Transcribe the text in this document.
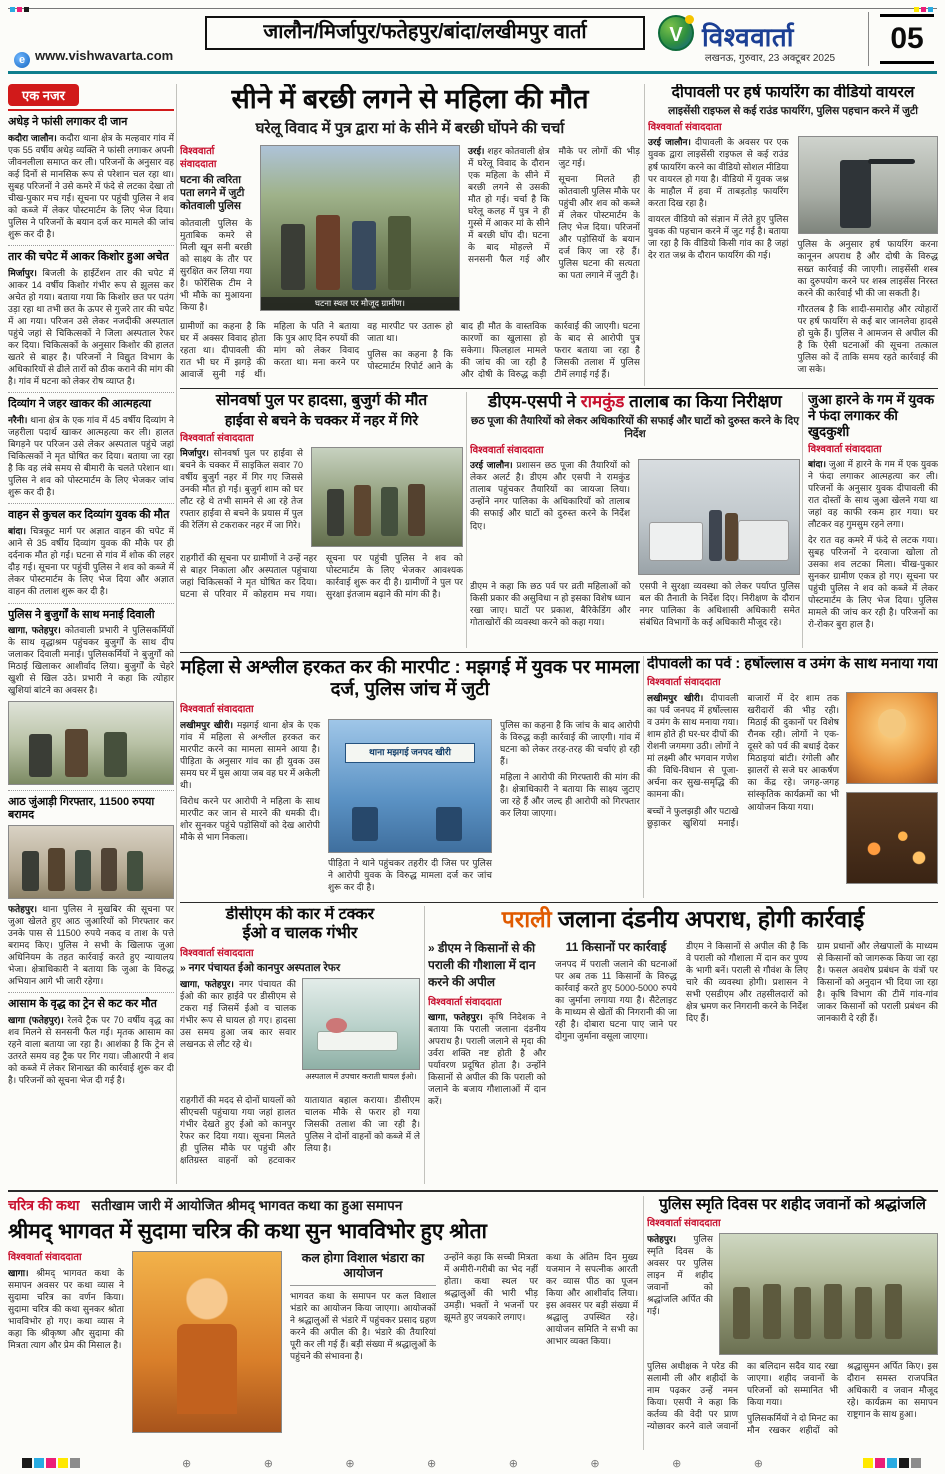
जालौन/मिर्जापुर/फतेहपुर/बांदा/लखीमपुर वार्ता	V विश्ववार्ता
लखनऊ, गुरुवार, 23 अक्टूबर 2025
05
e www.vishwavarta.com
एक नजर
अधेड़ ने फांसी लगाकर दी जान

कदौरा जालौन। कदौरा थाना क्षेत्र के मल्हवार गांव में एक 55 वर्षीय अधेड़ व्यक्ति ने फांसी लगाकर अपनी जीवनलीला समाप्त कर ली। परिजनों के अनुसार वह कई दिनों से मानसिक रूप से परेशान चल रहा था। सुबह परिजनों ने उसे कमरे में फंदे से लटका देखा तो चीख-पुकार मच गई। सूचना पर पहुंची पुलिस ने शव को कब्जे में लेकर पोस्टमार्टम के लिए भेज दिया। पुलिस ने परिजनों के बयान दर्ज कर मामले की जांच शुरू कर दी है।

तार की चपेट में आकर किशोर हुआ अचेत

मिर्जापुर। बिजली के हाईटेंशन तार की चपेट में आकर 14 वर्षीय किशोर गंभीर रूप से झुलस कर अचेत हो गया। बताया गया कि किशोर छत पर पतंग उड़ा रहा था तभी छत के ऊपर से गुजरे तार की चपेट में आ गया। परिजन उसे लेकर नजदीकी अस्पताल पहुंचे जहां से चिकित्सकों ने जिला अस्पताल रेफर कर दिया। चिकित्सकों के अनुसार किशोर की हालत खतरे से बाहर है। परिजनों ने विद्युत विभाग के अधिकारियों से ढीले तारों को ठीक कराने की मांग की है। गांव में घटना को लेकर रोष व्याप्त है।

दिव्यांग ने जहर खाकर की आत्महत्या

नरैनी। थाना क्षेत्र के एक गांव में 45 वर्षीय दिव्यांग ने जहरीला पदार्थ खाकर आत्महत्या कर ली। हालत बिगड़ने पर परिजन उसे लेकर अस्पताल पहुंचे जहां चिकित्सकों ने मृत घोषित कर दिया। बताया जा रहा है कि वह लंबे समय से बीमारी के चलते परेशान था। पुलिस ने शव को पोस्टमार्टम के लिए भेजकर जांच शुरू कर दी है।

वाहन से कुचल कर दिव्यांग युवक की मौत

बांदा। चित्रकूट मार्ग पर अज्ञात वाहन की चपेट में आने से 35 वर्षीय दिव्यांग युवक की मौके पर ही दर्दनाक मौत हो गई। घटना से गांव में शोक की लहर दौड़ गई। सूचना पर पहुंची पुलिस ने शव को कब्जे में लेकर पोस्टमार्टम के लिए भेज दिया और अज्ञात वाहन की तलाश शुरू कर दी है।

पुलिस ने बुजुर्गों के साथ मनाई दिवाली

खागा, फतेहपुर। कोतवाली प्रभारी ने पुलिसकर्मियों के साथ वृद्धाश्रम पहुंचकर बुजुर्गों के साथ दीप जलाकर दिवाली मनाई। पुलिसकर्मियों ने बुजुर्गों को मिठाई खिलाकर आशीर्वाद लिया। बुजुर्गों के चेहरे खुशी से खिल उठे। प्रभारी ने कहा कि त्योहार खुशियां बांटने का अवसर है।

आठ जुंआड़ी गिरफ्तार, 11500 रुपया बरामद

फतेहपुर। थाना पुलिस ने मुखबिर की सूचना पर जुआ खेलते हुए आठ जुआरियों को गिरफ्तार कर उनके पास से 11500 रुपये नकद व ताश के पत्ते बरामद किए। पुलिस ने सभी के खिलाफ जुआ अधिनियम के तहत कार्रवाई करते हुए न्यायालय भेजा। क्षेत्राधिकारी ने बताया कि जुआ के विरुद्ध अभियान आगे भी जारी रहेगा।

आसाम के वृद्ध का ट्रेन से कट कर मौत

खागा (फतेहपुर)। रेलवे ट्रैक पर 70 वर्षीय वृद्ध का शव मिलने से सनसनी फैल गई। मृतक आसाम का रहने वाला बताया जा रहा है। आशंका है कि ट्रेन से उतरते समय वह ट्रैक पर गिर गया। जीआरपी ने शव को कब्जे में लेकर शिनाख्त की कार्रवाई शुरू कर दी है। परिजनों को सूचना भेज दी गई है।

सीने में बरछी लगने से महिला की मौत
घरेलू विवाद में पुत्र द्वारा मां के सीने में बरछी घोंपने की चर्चा
विश्ववार्ता संवाददाता
घटना की त्वरिता पता लगने में जुटी कोतवाली पुलिस

कोतवाली पुलिस के मुताबिक कमरे से मिली खून सनी बरछी को साक्ष्य के तौर पर सुरक्षित कर लिया गया है। फोरेंसिक टीम ने भी मौके का मुआयना किया है।	घटना स्थल पर मौजूद ग्रामीण।

उरई। शहर कोतवाली क्षेत्र में घरेलू विवाद के दौरान एक महिला के सीने में बरछी लगने से उसकी मौत हो गई। चर्चा है कि घरेलू कलह में पुत्र ने ही गुस्से में आकर मां के सीने में बरछी घोंप दी। घटना के बाद मोहल्ले में सनसनी फैल गई और मौके पर लोगों की भीड़ जुट गई।

सूचना मिलते ही कोतवाली पुलिस मौके पर पहुंची और शव को कब्जे में लेकर पोस्टमार्टम के लिए भेज दिया। परिजनों और पड़ोसियों के बयान दर्ज किए जा रहे हैं। पुलिस घटना की सत्यता का पता लगाने में जुटी है।

ग्रामीणों का कहना है कि घर में अक्सर विवाद होता रहता था। दीपावली की रात भी घर में झगड़े की आवाजें सुनी गई थीं। महिला के पति ने बताया कि पुत्र आए दिन रुपयों की मांग को लेकर विवाद करता था। मना करने पर वह मारपीट पर उतारू हो जाता था।

पुलिस का कहना है कि पोस्टमार्टम रिपोर्ट आने के बाद ही मौत के वास्तविक कारणों का खुलासा हो सकेगा। फिलहाल मामले की जांच की जा रही है और दोषी के विरुद्ध कड़ी कार्रवाई की जाएगी। घटना के बाद से आरोपी पुत्र फरार बताया जा रहा है जिसकी तलाश में पुलिस टीमें लगाई गई हैं।

दीपावली पर हर्ष फायरिंग का वीडियो वायरल
लाइसेंसी राइफल से कई राउंड फायरिंग, पुलिस पहचान करने में जुटी
विश्ववार्ता संवाददाता

उरई जालौन। दीपावली के अवसर पर एक युवक द्वारा लाइसेंसी राइफल से कई राउंड हर्ष फायरिंग करने का वीडियो सोशल मीडिया पर वायरल हो गया है। वीडियो में युवक जश्न के माहौल में हवा में ताबड़तोड़ फायरिंग करता दिख रहा है।

वायरल वीडियो को संज्ञान में लेते हुए पुलिस युवक की पहचान करने में जुट गई है। बताया जा रहा है कि वीडियो किसी गांव का है जहां देर रात जश्न के दौरान फायरिंग की गई।

पुलिस के अनुसार हर्ष फायरिंग करना कानूनन अपराध है और दोषी के विरुद्ध सख्त कार्रवाई की जाएगी। लाइसेंसी शस्त्र का दुरुपयोग करने पर शस्त्र लाइसेंस निरस्त करने की कार्रवाई भी की जा सकती है।

गौरतलब है कि शादी-समारोह और त्योहारों पर हर्ष फायरिंग से कई बार जानलेवा हादसे हो चुके हैं। पुलिस ने आमजन से अपील की है कि ऐसी घटनाओं की सूचना तत्काल पुलिस को दें ताकि समय रहते कार्रवाई की जा सके।

सोनवर्षा पुल पर हादसा, बुजुर्ग की मौत
हाईवा से बचने के चक्कर में नहर में गिरे
विश्ववार्ता संवाददाता

मिर्जापुर। सोनवर्षा पुल पर हाईवा से बचने के चक्कर में साइकिल सवार 70 वर्षीय बुजुर्ग नहर में गिर गए जिससे उनकी मौत हो गई। बुजुर्ग शाम को घर लौट रहे थे तभी सामने से आ रहे तेज रफ्तार हाईवा से बचने के प्रयास में पुल की रेलिंग से टकराकर नहर में जा गिरे।

राहगीरों की सूचना पर ग्रामीणों ने उन्हें नहर से बाहर निकाला और अस्पताल पहुंचाया जहां चिकित्सकों ने मृत घोषित कर दिया। घटना से परिवार में कोहराम मच गया। सूचना पर पहुंची पुलिस ने शव को पोस्टमार्टम के लिए भेजकर आवश्यक कार्रवाई शुरू कर दी है। ग्रामीणों ने पुल पर सुरक्षा इंतजाम बढ़ाने की मांग की है।

डीएम-एसपी ने रामकुंड तालाब का किया निरीक्षण
छठ पूजा की तैयारियों को लेकर अधिकारियों की सफाई और घाटों को दुरुस्त करने के दिए निर्देश
विश्ववार्ता संवाददाता

उरई जालौन। प्रशासन छठ पूजा की तैयारियों को लेकर अलर्ट है। डीएम और एसपी ने रामकुंड तालाब पहुंचकर तैयारियों का जायजा लिया। उन्होंने नगर पालिका के अधिकारियों को तालाब की सफाई और घाटों को दुरुस्त करने के निर्देश दिए।

डीएम ने कहा कि छठ पर्व पर व्रती महिलाओं को किसी प्रकार की असुविधा न हो इसका विशेष ध्यान रखा जाए। घाटों पर प्रकाश, बैरिकेडिंग और गोताखोरों की व्यवस्था करने को कहा गया।

एसपी ने सुरक्षा व्यवस्था को लेकर पर्याप्त पुलिस बल की तैनाती के निर्देश दिए। निरीक्षण के दौरान नगर पालिका के अधिशासी अधिकारी समेत संबंधित विभागों के कई अधिकारी मौजूद रहे।

जुआ हारने के गम में युवक ने फंदा लगाकर की खुदकुशी
विश्ववार्ता संवाददाता

बांदा। जुआ में हारने के गम में एक युवक ने फंदा लगाकर आत्महत्या कर ली। परिजनों के अनुसार युवक दीपावली की रात दोस्तों के साथ जुआ खेलने गया था जहां वह काफी रकम हार गया। घर लौटकर वह गुमसुम रहने लगा।

देर रात वह कमरे में फंदे से लटक गया। सुबह परिजनों ने दरवाजा खोला तो उसका शव लटका मिला। चीख-पुकार सुनकर ग्रामीण एकत्र हो गए। सूचना पर पहुंची पुलिस ने शव को कब्जे में लेकर पोस्टमार्टम के लिए भेज दिया। पुलिस मामले की जांच कर रही है। परिजनों का रो-रोकर बुरा हाल है।

महिला से अश्लील हरकत कर की मारपीट : मझगई में युवक पर मामला दर्ज, पुलिस जांच में जुटी
विश्ववार्ता संवाददाता

लखीमपुर खीरी। मझगई थाना क्षेत्र के एक गांव में महिला से अश्लील हरकत कर मारपीट करने का मामला सामने आया है। पीड़िता के अनुसार गांव का ही युवक उस समय घर में घुस आया जब वह घर में अकेली थी।

विरोध करने पर आरोपी ने महिला के साथ मारपीट कर जान से मारने की धमकी दी। शोर सुनकर पहुंचे पड़ोसियों को देख आरोपी मौके से भाग निकला।

थाना मझगई जनपद खीरी

पीड़िता ने थाने पहुंचकर तहरीर दी जिस पर पुलिस ने आरोपी युवक के विरुद्ध मामला दर्ज कर जांच शुरू कर दी है।

पुलिस का कहना है कि जांच के बाद आरोपी के विरुद्ध कड़ी कार्रवाई की जाएगी। गांव में घटना को लेकर तरह-तरह की चर्चाएं हो रही हैं।

महिला ने आरोपी की गिरफ्तारी की मांग की है। क्षेत्राधिकारी ने बताया कि साक्ष्य जुटाए जा रहे हैं और जल्द ही आरोपी को गिरफ्तार कर लिया जाएगा।

दीपावली का पर्व : हर्षोल्लास व उमंग के साथ मनाया गया
विश्ववार्ता संवाददाता

लखीमपुर खीरी। दीपावली का पर्व जनपद में हर्षोल्लास व उमंग के साथ मनाया गया। शाम होते ही घर-घर दीपों की रोशनी जगमगा उठी। लोगों ने मां लक्ष्मी और भगवान गणेश की विधि-विधान से पूजा-अर्चना कर सुख-समृद्धि की कामना की।

बच्चों ने फुलझड़ी और पटाखे छुड़ाकर खुशियां मनाईं। बाजारों में देर शाम तक खरीदारों की भीड़ रही। मिठाई की दुकानों पर विशेष रौनक रही। लोगों ने एक-दूसरे को पर्व की बधाई देकर मिठाइयां बांटी। रंगोली और झालरों से सजे घर आकर्षण का केंद्र रहे। जगह-जगह सांस्कृतिक कार्यक्रमों का भी आयोजन किया गया।

डीसीएम की कार में टक्कर
ईओ व चालक गंभीर
विश्ववार्ता संवाददाता
» नगर पंचायत ईओ कानपुर अस्पताल रेफर

खागा, फतेहपुर। नगर पंचायत की ईओ की कार हाईवे पर डीसीएम से टकरा गई जिसमें ईओ व चालक गंभीर रूप से घायल हो गए। हादसा उस समय हुआ जब कार सवार लखनऊ से लौट रहे थे।

अस्पताल में उपचार कराती घायल ईओ।

राहगीरों की मदद से दोनों घायलों को सीएचसी पहुंचाया गया जहां हालत गंभीर देखते हुए ईओ को कानपुर रेफर कर दिया गया। सूचना मिलते ही पुलिस मौके पर पहुंची और क्षतिग्रस्त वाहनों को हटवाकर यातायात बहाल कराया। डीसीएम चालक मौके से फरार हो गया जिसकी तलाश की जा रही है। पुलिस ने दोनों वाहनों को कब्जे में ले लिया है।

पराली जलाना दंडनीय अपराध, होगी कार्रवाई
» डीएम ने किसानों से की पराली की गौशाला में दान करने की अपील
विश्ववार्ता संवाददाता

खागा, फतेहपुर। कृषि निदेशक ने बताया कि पराली जलाना दंडनीय अपराध है। पराली जलाने से मृदा की उर्वरा शक्ति नष्ट होती है और पर्यावरण प्रदूषित होता है। उन्होंने किसानों से अपील की कि पराली को जलाने के बजाय गौशालाओं में दान करें।

11 किसानों पर कार्रवाई

जनपद में पराली जलाने की घटनाओं पर अब तक 11 किसानों के विरुद्ध कार्रवाई करते हुए 5000-5000 रुपये का जुर्माना लगाया गया है। सैटेलाइट के माध्यम से खेतों की निगरानी की जा रही है। दोबारा घटना पाए जाने पर दोगुना जुर्माना वसूला जाएगा।

डीएम ने किसानों से अपील की है कि वे पराली को गौशाला में दान कर पुण्य के भागी बनें। पराली से गौवंश के लिए चारे की व्यवस्था होगी। प्रशासन ने सभी एसडीएम और तहसीलदारों को क्षेत्र भ्रमण कर निगरानी करने के निर्देश दिए हैं।

ग्राम प्रधानों और लेखपालों के माध्यम से किसानों को जागरूक किया जा रहा है। फसल अवशेष प्रबंधन के यंत्रों पर किसानों को अनुदान भी दिया जा रहा है। कृषि विभाग की टीमें गांव-गांव जाकर किसानों को पराली प्रबंधन की जानकारी दे रही हैं।

चरित्र की कथा सतीखाम जारी में आयोजित श्रीमद् भागवत कथा का हुआ समापन
श्रीमद् भागवत में सुदामा चरित्र की कथा सुन भावविभोर हुए श्रोता
विश्ववार्ता संवाददाता

खागा। श्रीमद् भागवत कथा के समापन अवसर पर कथा व्यास ने सुदामा चरित्र का वर्णन किया। सुदामा चरित्र की कथा सुनकर श्रोता भावविभोर हो गए। कथा व्यास ने कहा कि श्रीकृष्ण और सुदामा की मित्रता त्याग और प्रेम की मिसाल है।

कल होगा विशाल भंडारा का आयोजन

भागवत कथा के समापन पर कल विशाल भंडारे का आयोजन किया जाएगा। आयोजकों ने श्रद्धालुओं से भंडारे में पहुंचकर प्रसाद ग्रहण करने की अपील की है। भंडारे की तैयारियां पूरी कर ली गई हैं। बड़ी संख्या में श्रद्धालुओं के पहुंचने की संभावना है।

उन्होंने कहा कि सच्ची मित्रता में अमीरी-गरीबी का भेद नहीं होता। कथा स्थल पर श्रद्धालुओं की भारी भीड़ उमड़ी। भक्तों ने भजनों पर झूमते हुए जयकारे लगाए।

कथा के अंतिम दिन मुख्य यजमान ने सपत्नीक आरती कर व्यास पीठ का पूजन किया और आशीर्वाद लिया। इस अवसर पर बड़ी संख्या में श्रद्धालु उपस्थित रहे। आयोजन समिति ने सभी का आभार व्यक्त किया।

पुलिस स्मृति दिवस पर शहीद जवानों को श्रद्धांजलि
विश्ववार्ता संवाददाता

फतेहपुर। पुलिस स्मृति दिवस के अवसर पर पुलिस लाइन में शहीद जवानों को श्रद्धांजलि अर्पित की गई।

पुलिस अधीक्षक ने परेड की सलामी ली और शहीदों के नाम पढ़कर उन्हें नमन किया। एसपी ने कहा कि कर्तव्य की वेदी पर प्राण न्योछावर करने वाले जवानों का बलिदान सदैव याद रखा जाएगा। शहीद जवानों के परिजनों को सम्मानित भी किया गया।

पुलिसकर्मियों ने दो मिनट का मौन रखकर शहीदों को श्रद्धासुमन अर्पित किए। इस दौरान समस्त राजपत्रित अधिकारी व जवान मौजूद रहे। कार्यक्रम का समापन राष्ट्रगान के साथ हुआ।

⊕	⊕	⊕	⊕	⊕	⊕	⊕	⊕
